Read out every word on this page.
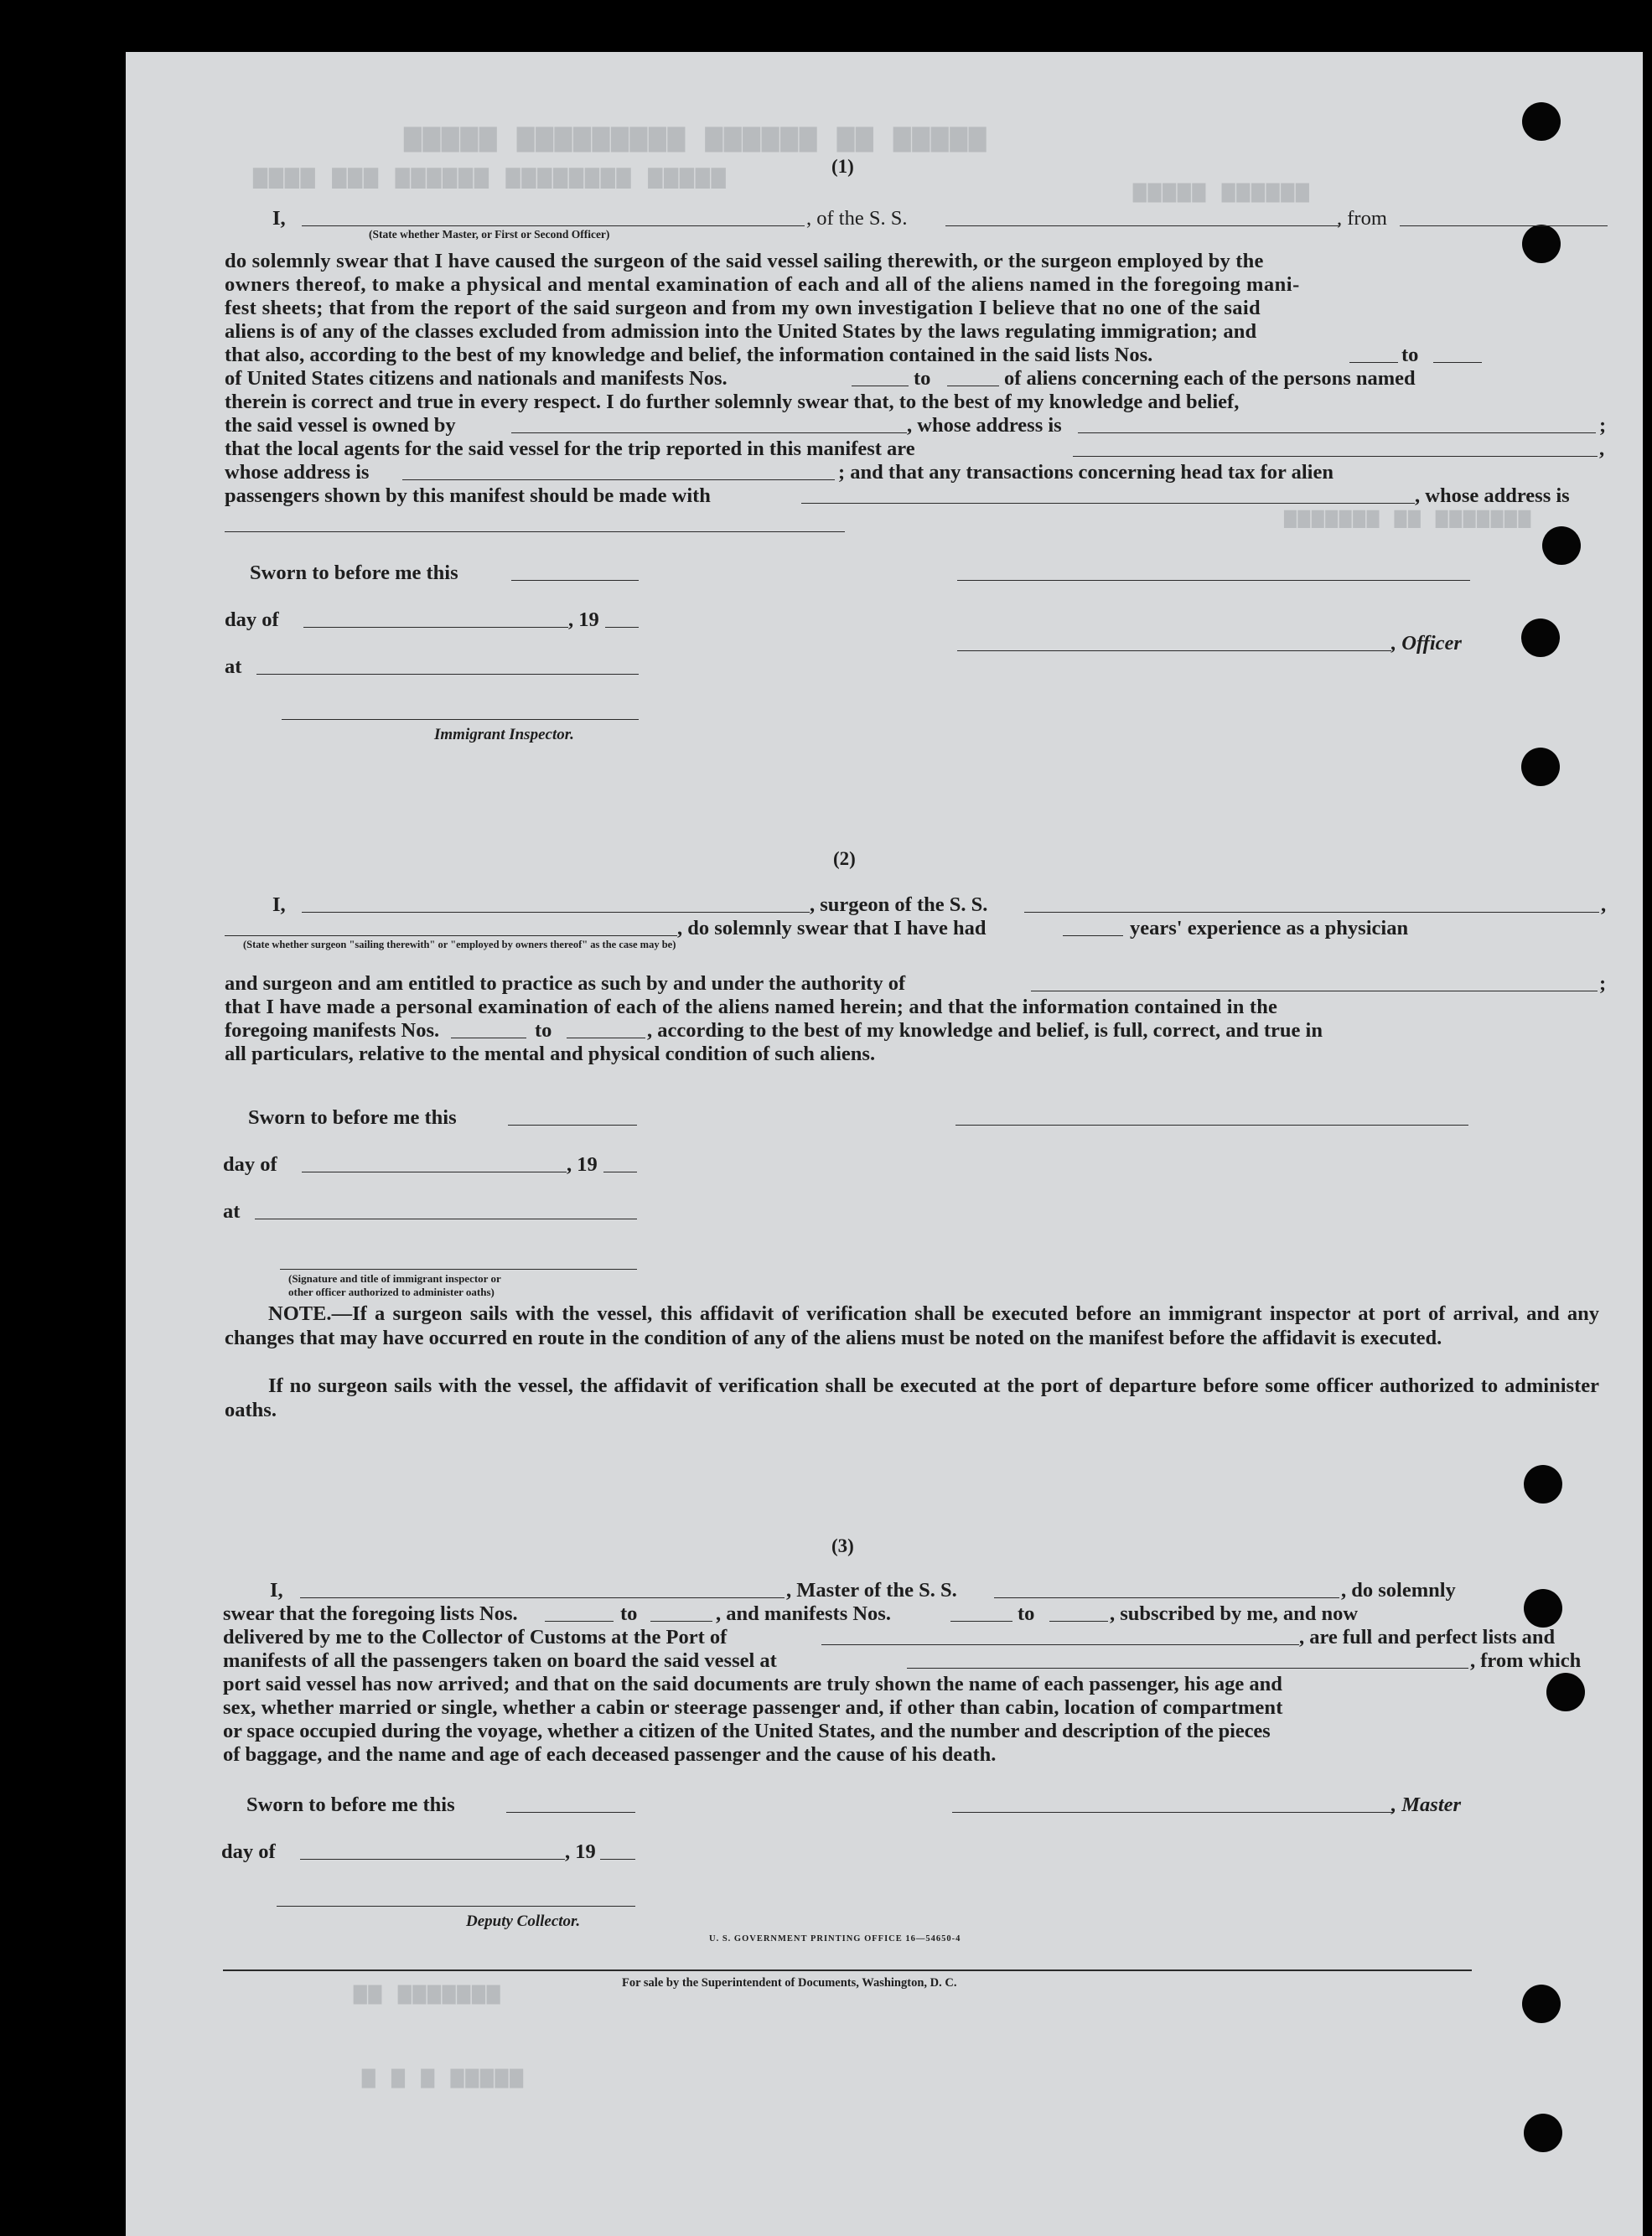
▆▆▆▆▆ ▆▆ ▆▆▆▆▆▆ ▆▆▆▆▆▆▆▆▆ ▆▆▆▆▆
▆▆▆▆▆ ▆▆▆▆▆▆▆▆ ▆▆▆▆▆▆ ▆▆▆ ▆▆▆▆
▆▆▆▆▆▆ ▆▆▆▆▆
▆▆▆▆▆▆▆ ▆▆ ▆▆▆▆▆▆▆
▆▆▆▆▆▆▆ ▆▆
▆▆▆▆▆ ▆ ▆ ▆
(1)
I,	, of the S. S.	, from
(State whether Master, or First or Second Officer)
do solemnly swear that I have caused the surgeon of the said vessel sailing therewith, or the surgeon employed by the
owners thereof, to make a physical and mental examination of each and all of the aliens named in the foregoing mani-
fest sheets; that from the report of the said surgeon and from my own investigation I believe that no one of the said
aliens is of any of the classes excluded from admission into the United States by the laws regulating immigration; and
that also, according to the best of my knowledge and belief, the information contained in the said lists Nos.	to
of United States citizens and nationals and manifests Nos.	to	of aliens concerning each of the persons named
therein is correct and true in every respect. I do further solemnly swear that, to the best of my knowledge and belief,
the said vessel is owned by	, whose address is	;
that the local agents for the said vessel for the trip reported in this manifest are	,
whose address is	; and that any transactions concerning head tax for alien
passengers shown by this manifest should be made with	, whose address is
Sworn to before me this
day of	, 19
, Officer
at
Immigrant Inspector.
(2)
I,	, surgeon of the S. S.	,
, do solemnly swear that I have had	years' experience as a physician
(State whether surgeon "sailing therewith" or "employed by owners thereof" as the case may be)
and surgeon and am entitled to practice as such by and under the authority of	;
that I have made a personal examination of each of the aliens named herein; and that the information contained in the
foregoing manifests Nos.	to	, according to the best of my knowledge and belief, is full, correct, and true in
all particulars, relative to the mental and physical condition of such aliens.
Sworn to before me this
day of	, 19
at
(Signature and title of immigrant inspector or
other officer authorized to administer oaths)
NOTE.—If a surgeon sails with the vessel, this affidavit of verification shall be executed before an immigrant inspector at port of arrival, and any changes that may have occurred en route in the condition of any of the aliens must be noted on the manifest before the affidavit is executed.
If no surgeon sails with the vessel, the affidavit of verification shall be executed at the port of departure before some officer authorized to administer oaths.
(3)
I,	, Master of the S. S.	, do solemnly
swear that the foregoing lists Nos.	to	, and manifests Nos.	to	, subscribed by me, and now
delivered by me to the Collector of Customs at the Port of	, are full and perfect lists and
manifests of all the passengers taken on board the said vessel at	, from which
port said vessel has now arrived; and that on the said documents are truly shown the name of each passenger, his age and
sex, whether married or single, whether a cabin or steerage passenger and, if other than cabin, location of compartment
or space occupied during the voyage, whether a citizen of the United States, and the number and description of the pieces
of baggage, and the name and age of each deceased passenger and the cause of his death.
Sworn to before me this	, Master
day of	, 19
Deputy Collector.
U. S. GOVERNMENT PRINTING OFFICE 16—54650-4
For sale by the Superintendent of Documents, Washington, D. C.
